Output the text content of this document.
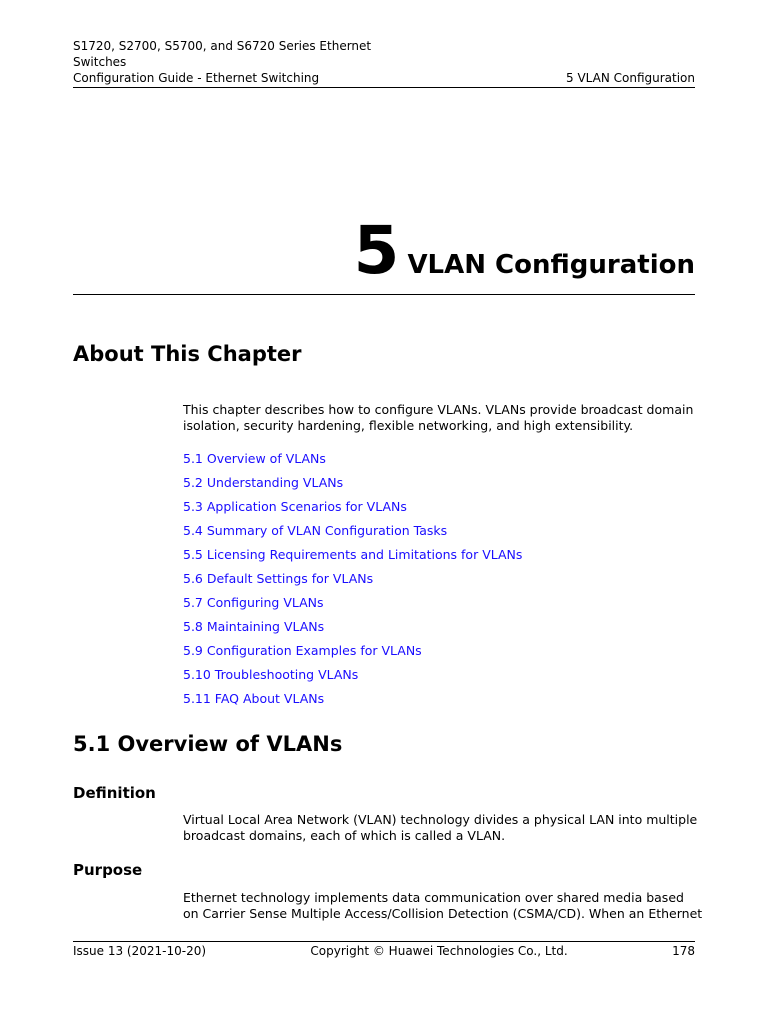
S1720, S2700, S5700, and S6720 Series Ethernet
Switches
Configuration Guide - Ethernet Switching	5 VLAN Configuration
5 VLAN Configuration
About This Chapter
This chapter describes how to configure VLANs. VLANs provide broadcast domain isolation, security hardening, flexible networking, and high extensibility.
5.1 Overview of VLANs
5.2 Understanding VLANs
5.3 Application Scenarios for VLANs
5.4 Summary of VLAN Configuration Tasks
5.5 Licensing Requirements and Limitations for VLANs
5.6 Default Settings for VLANs
5.7 Configuring VLANs
5.8 Maintaining VLANs
5.9 Configuration Examples for VLANs
5.10 Troubleshooting VLANs
5.11 FAQ About VLANs
5.1 Overview of VLANs
Definition
Virtual Local Area Network (VLAN) technology divides a physical LAN into multiple broadcast domains, each of which is called a VLAN.
Purpose
Ethernet technology implements data communication over shared media based on Carrier Sense Multiple Access/Collision Detection (CSMA/CD). When an Ethernet
Issue 13 (2021-10-20)	Copyright © Huawei Technologies Co., Ltd.	178
